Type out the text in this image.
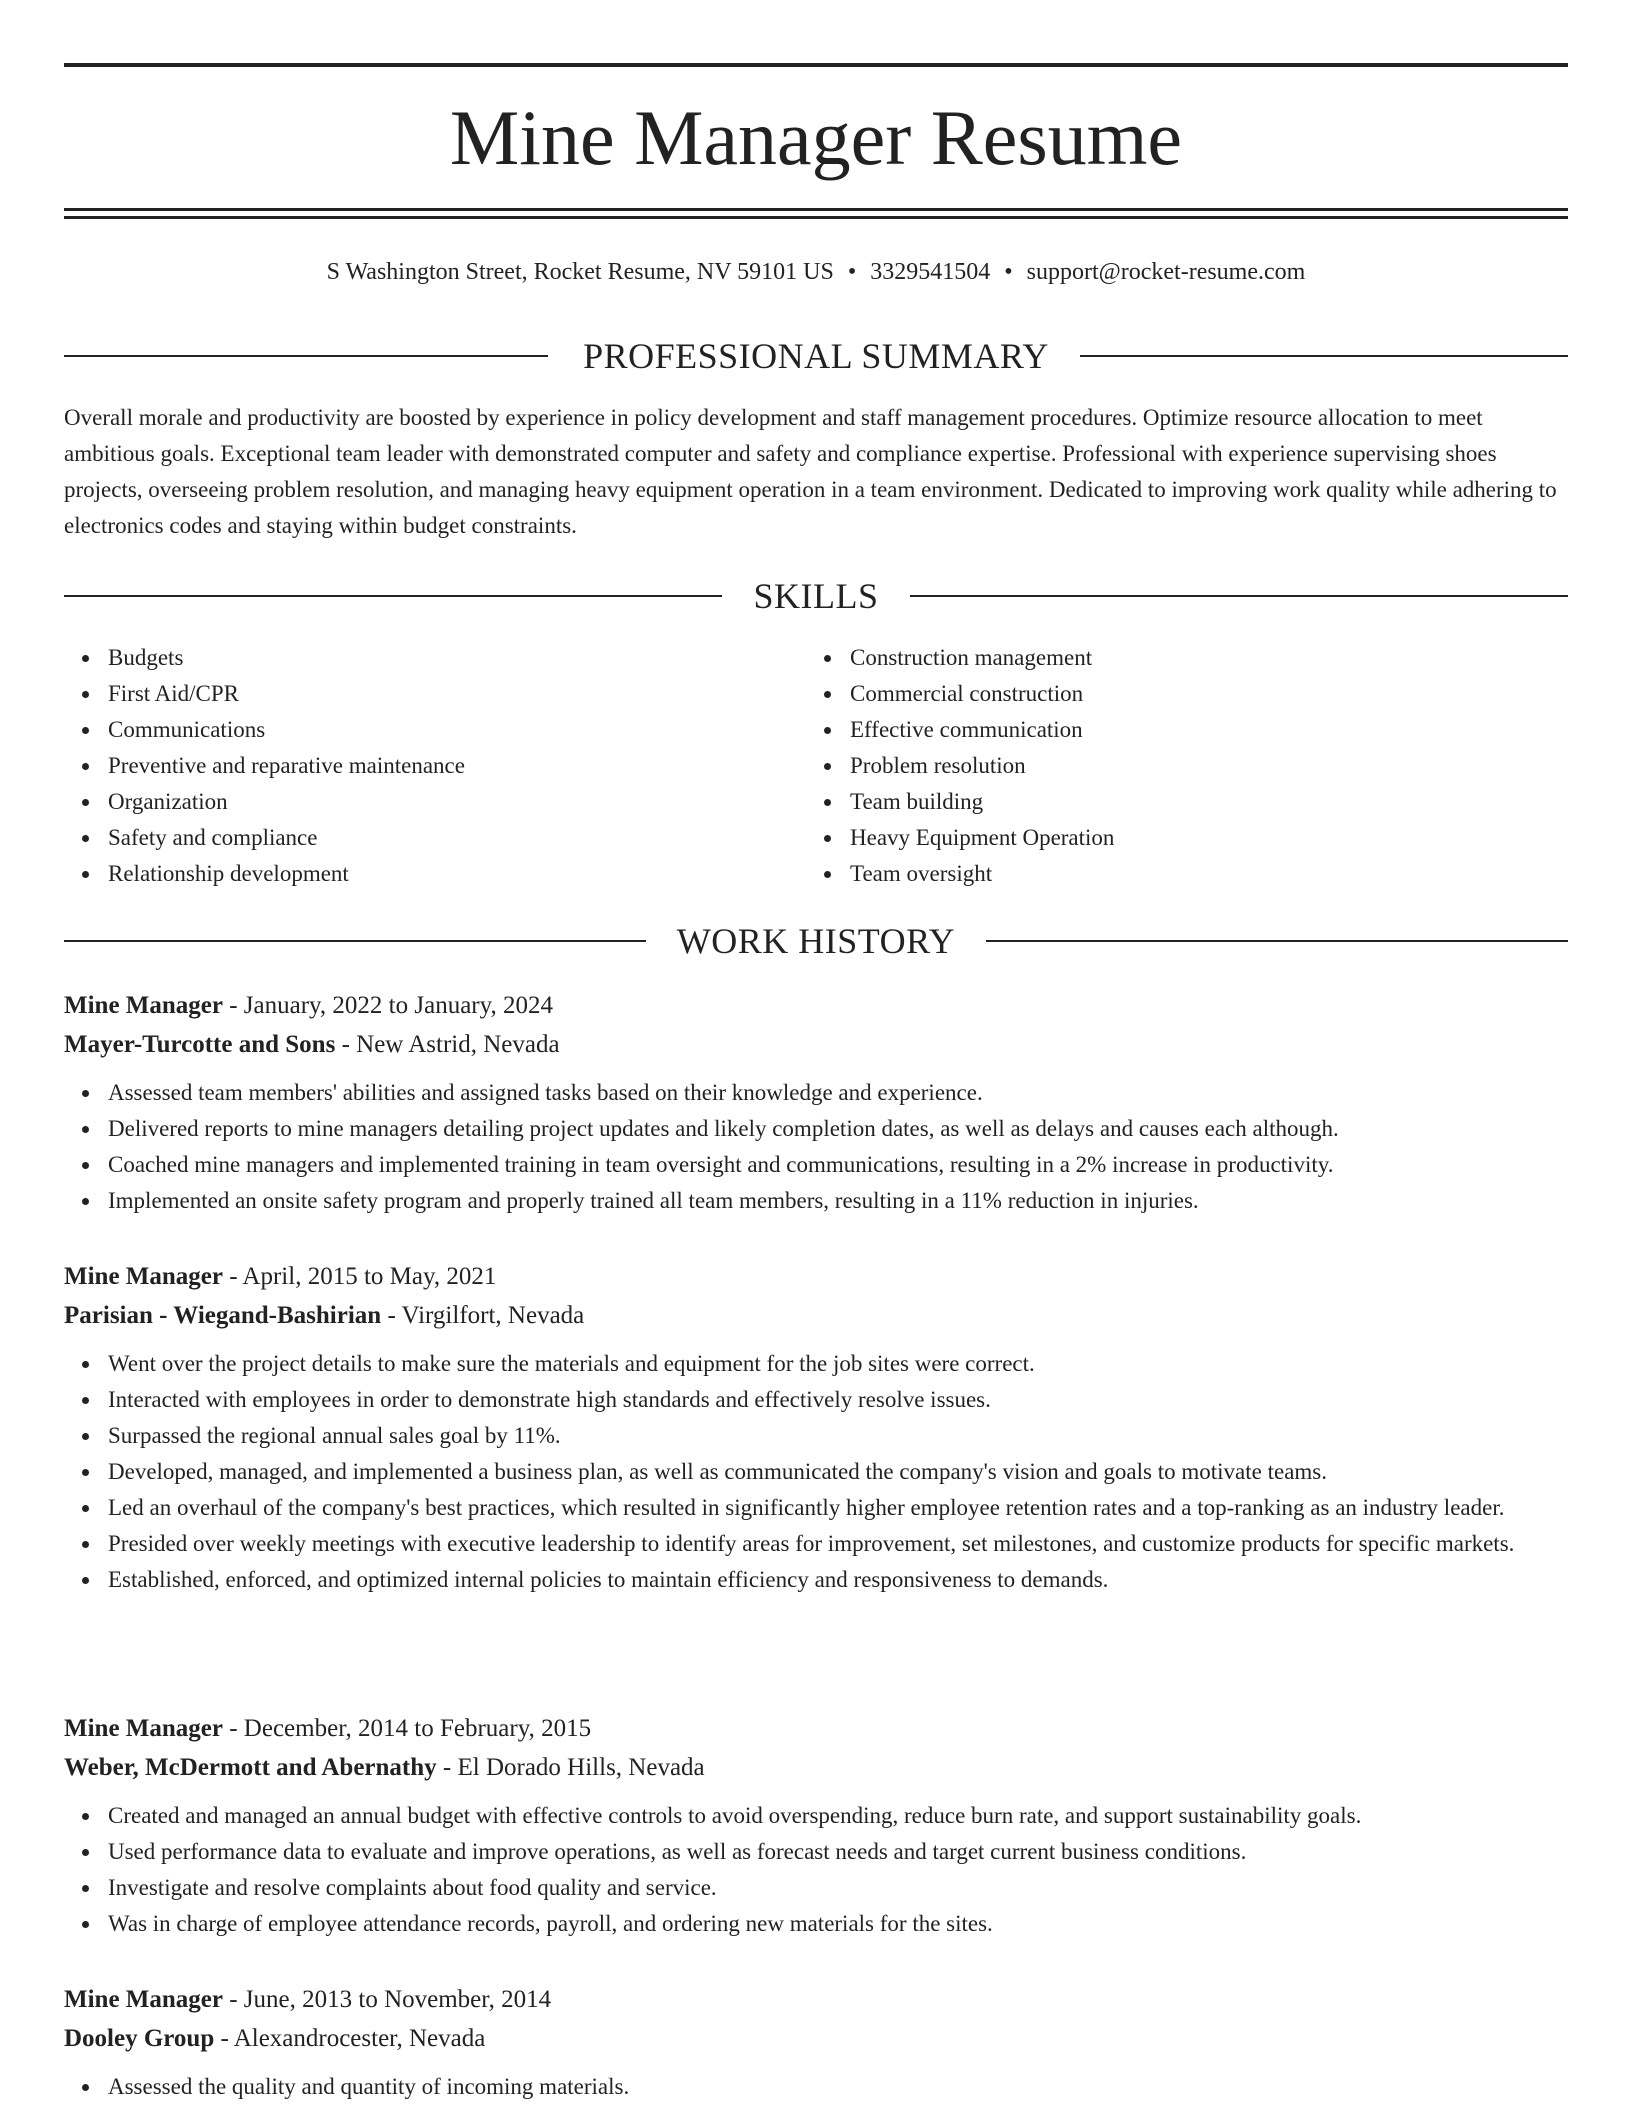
Mine Manager Resume
S Washington Street, Rocket Resume, NV 59101 US • 3329541504 • support@rocket-resume.com
PROFESSIONAL SUMMARY
Overall morale and productivity are boosted by experience in policy development and staff management procedures. Optimize resource allocation to meet ambitious goals. Exceptional team leader with demonstrated computer and safety and compliance expertise. Professional with experience supervising shoes projects, overseeing problem resolution, and managing heavy equipment operation in a team environment. Dedicated to improving work quality while adhering to electronics codes and staying within budget constraints.
SKILLS
Budgets
First Aid/CPR
Communications
Preventive and reparative maintenance
Organization
Safety and compliance
Relationship development
Construction management
Commercial construction
Effective communication
Problem resolution
Team building
Heavy Equipment Operation
Team oversight
WORK HISTORY
Mine Manager - January, 2022 to January, 2024
Mayer-Turcotte and Sons - New Astrid, Nevada
Assessed team members' abilities and assigned tasks based on their knowledge and experience.
Delivered reports to mine managers detailing project updates and likely completion dates, as well as delays and causes each although.
Coached mine managers and implemented training in team oversight and communications, resulting in a 2% increase in productivity.
Implemented an onsite safety program and properly trained all team members, resulting in a 11% reduction in injuries.
Mine Manager - April, 2015 to May, 2021
Parisian - Wiegand-Bashirian - Virgilfort, Nevada
Went over the project details to make sure the materials and equipment for the job sites were correct.
Interacted with employees in order to demonstrate high standards and effectively resolve issues.
Surpassed the regional annual sales goal by 11%.
Developed, managed, and implemented a business plan, as well as communicated the company's vision and goals to motivate teams.
Led an overhaul of the company's best practices, which resulted in significantly higher employee retention rates and a top-ranking as an industry leader.
Presided over weekly meetings with executive leadership to identify areas for improvement, set milestones, and customize products for specific markets.
Established, enforced, and optimized internal policies to maintain efficiency and responsiveness to demands.
Mine Manager - December, 2014 to February, 2015
Weber, McDermott and Abernathy - El Dorado Hills, Nevada
Created and managed an annual budget with effective controls to avoid overspending, reduce burn rate, and support sustainability goals.
Used performance data to evaluate and improve operations, as well as forecast needs and target current business conditions.
Investigate and resolve complaints about food quality and service.
Was in charge of employee attendance records, payroll, and ordering new materials for the sites.
Mine Manager - June, 2013 to November, 2014
Dooley Group - Alexandrocester, Nevada
Assessed the quality and quantity of incoming materials.
